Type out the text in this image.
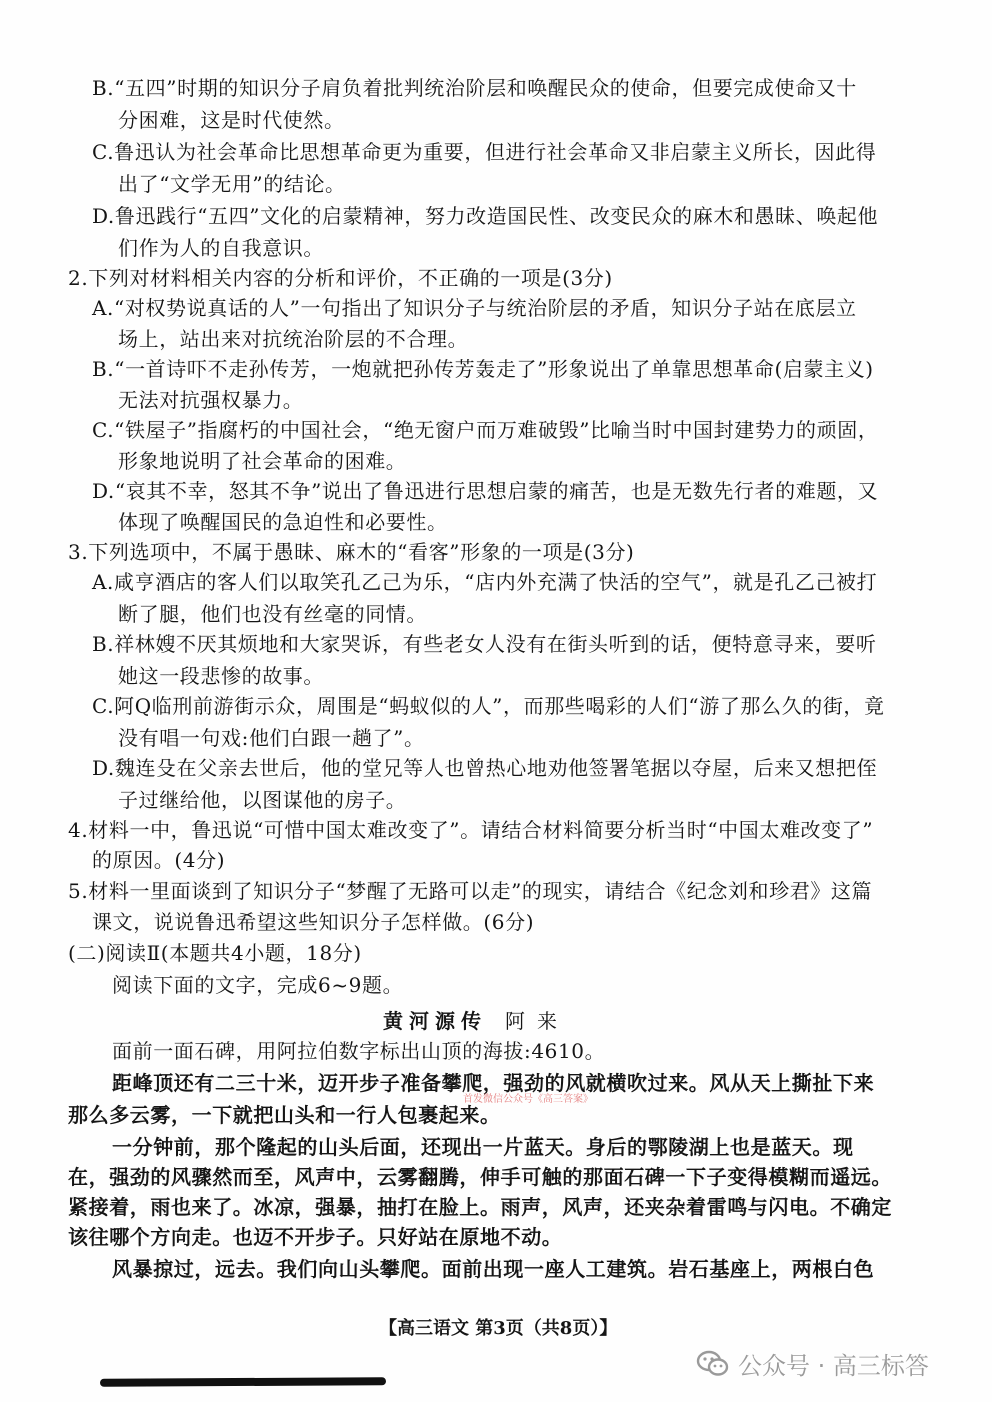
B.“五四”时期的知识分子肩负着批判统治阶层和唤醒民众的使命，但要完成使命又十
分困难，这是时代使然。
C.鲁迅认为社会革命比思想革命更为重要，但进行社会革命又非启蒙主义所长，因此得
出了“文学无用”的结论。
D.鲁迅践行“五四”文化的启蒙精神，努力改造国民性、改变民众的麻木和愚昧、唤起他
们作为人的自我意识。
2.下列对材料相关内容的分析和评价，不正确的一项是(3分)
A.“对权势说真话的人”一句指出了知识分子与统治阶层的矛盾，知识分子站在底层立
场上，站出来对抗统治阶层的不合理。
B.“一首诗吓不走孙传芳，一炮就把孙传芳轰走了”形象说出了单靠思想革命(启蒙主义)
无法对抗强权暴力。
C.“铁屋子”指腐朽的中国社会，“绝无窗户而万难破毁”比喻当时中国封建势力的顽固，
形象地说明了社会革命的困难。
D.“哀其不幸，怒其不争”说出了鲁迅进行思想启蒙的痛苦，也是无数先行者的难题，又
体现了唤醒国民的急迫性和必要性。
3.下列选项中，不属于愚昧、麻木的“看客”形象的一项是(3分)
A.咸亨酒店的客人们以取笑孔乙己为乐，“店内外充满了快活的空气”，就是孔乙己被打
断了腿，他们也没有丝毫的同情。
B.祥林嫂不厌其烦地和大家哭诉，有些老女人没有在街头听到的话，便特意寻来，要听
她这一段悲惨的故事。
C.阿Q临刑前游街示众，周围是“蚂蚁似的人”，而那些喝彩的人们“游了那么久的街，竟
没有唱一句戏:他们白跟一趟了”。
D.魏连殳在父亲去世后，他的堂兄等人也曾热心地劝他签署笔据以夺屋，后来又想把侄
子过继给他，以图谋他的房子。
4.材料一中，鲁迅说“可惜中国太难改变了”。请结合材料简要分析当时“中国太难改变了”
的原因。(4分)
5.材料一里面谈到了知识分子“梦醒了无路可以走”的现实，请结合《纪念刘和珍君》这篇
课文，说说鲁迅希望这些知识分子怎样做。(6分)
(二)阅读Ⅱ(本题共4小题，18分)
阅读下面的文字，完成6~9题。
黄河源传 阿来
面前一面石碑，用阿拉伯数字标出山顶的海拔:4610。
距峰顶还有二三十米，迈开步子准备攀爬，强劲的风就横吹过来。风从天上撕扯下来
首发微信公众号《高三答案》
那么多云雾，一下就把山头和一行人包裹起来。
一分钟前，那个隆起的山头后面，还现出一片蓝天。身后的鄂陵湖上也是蓝天。现
在，强劲的风骤然而至，风声中，云雾翻腾，伸手可触的那面石碑一下子变得模糊而遥远。
紧接着，雨也来了。冰凉，强暴，抽打在脸上。雨声，风声，还夹杂着雷鸣与闪电。不确定
该往哪个方向走。也迈不开步子。只好站在原地不动。
风暴掠过，远去。我们向山头攀爬。面前出现一座人工建筑。岩石基座上，两根白色
【高三语文 第3页（共8页）】
公众号 · 高三标答
